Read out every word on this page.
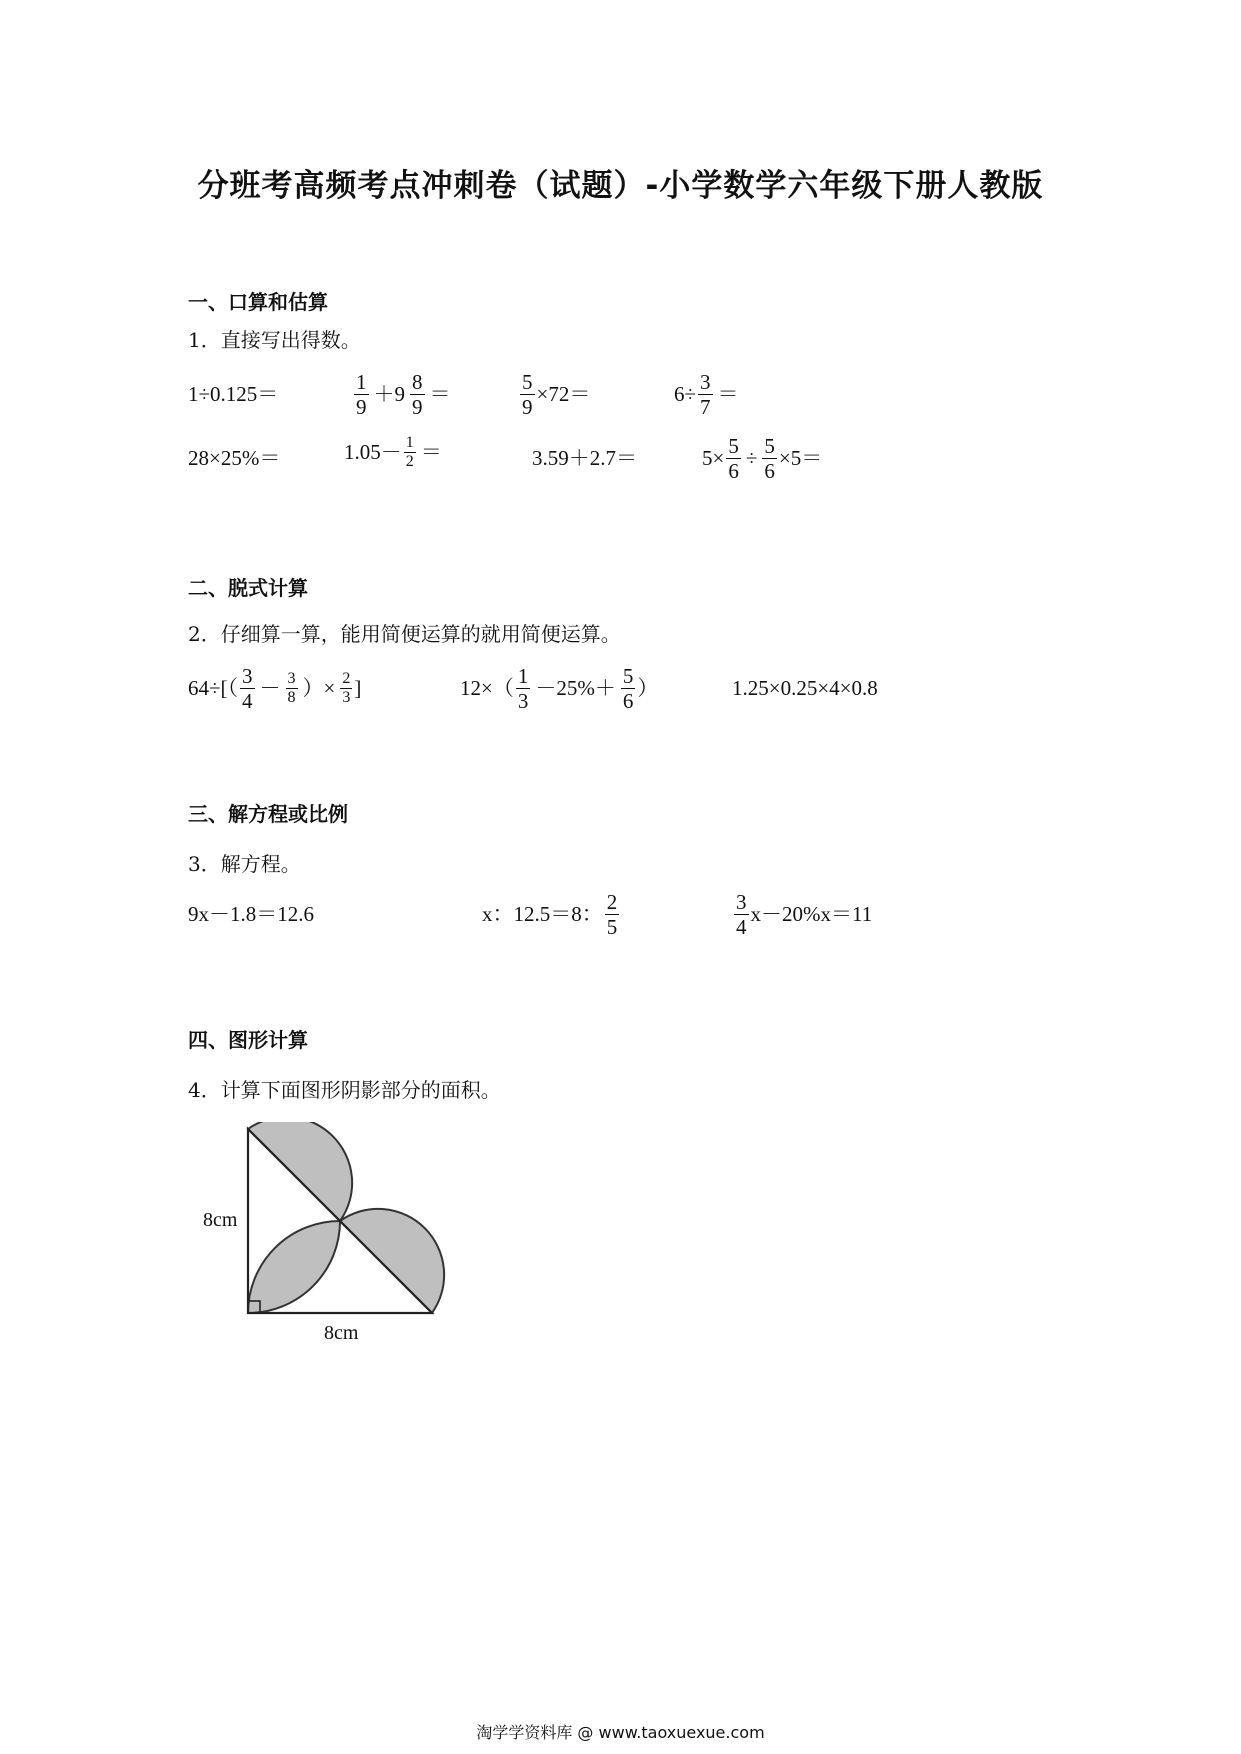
分班考高频考点冲刺卷（试题）-小学数学六年级下册人教版
一、口算和估算
1．直接写出得数。
1÷0.125＝	$\frac{1}{9} +9 \frac{8}{9}$ ＝	$\frac{5}{9} \times 72=$	$6\div \frac{3}{7}$ ＝
28×25%＝	$1.05- \frac{1}{2}$ ＝	3.59＋2.7＝	$5\times \frac{5}{6} \div \frac{5}{6} \times 5=$
二、脱式计算
2．仔细算一算，能用简便运算的就用简便运算。
$64\div[( \frac{3}{4} - \frac{3}{8}$ ）× $\frac{2}{3}$ ]	$12\times( \frac{1}{3} -25\%+ \frac{5}{6}$ ）	1.25×0.25×4×0.8
三、解方程或比例
3．解方程。
9x－1.8＝12.6	x：12.5＝8： $\frac{2}{5}$	$\frac{3}{4} x-20\%x=11$
四、图形计算
4．计算下面图形阴影部分的面积。
8cm
8cm
淘学学资料库 @ www.taoxuexue.com
